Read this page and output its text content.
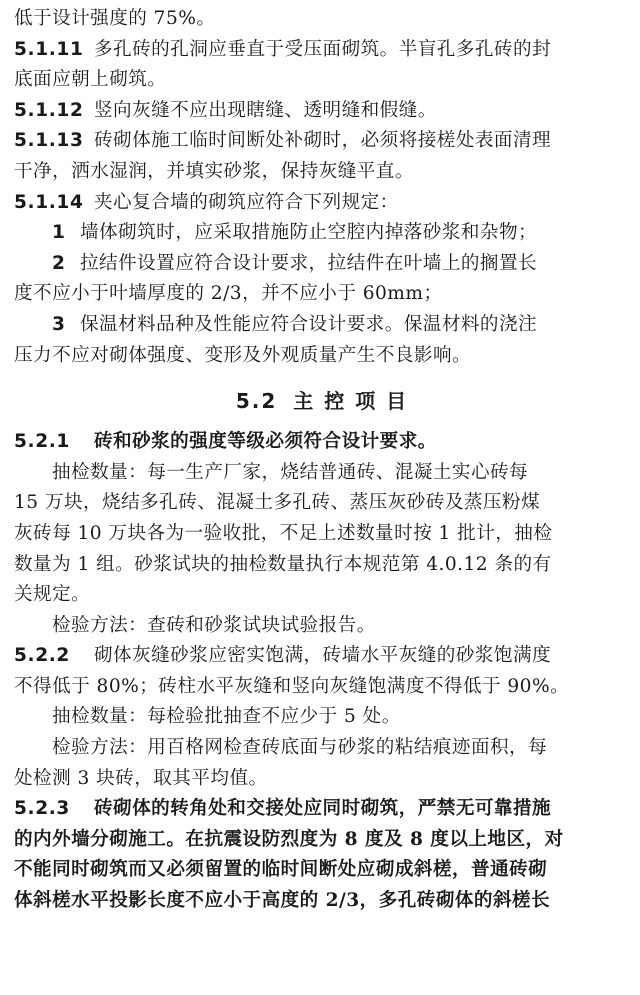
低于设计强度的 75%。
5.1.11 多孔砖的孔洞应垂直于受压面砌筑。半盲孔多孔砖的封
底面应朝上砌筑。
5.1.12 竖向灰缝不应出现瞎缝、透明缝和假缝。
5.1.13 砖砌体施工临时间断处补砌时，必须将接槎处表面清理
干净，洒水湿润，并填实砂浆，保持灰缝平直。
5.1.14 夹心复合墙的砌筑应符合下列规定：
1 墙体砌筑时，应采取措施防止空腔内掉落砂浆和杂物；
2 拉结件设置应符合设计要求，拉结件在叶墙上的搁置长
度不应小于叶墙厚度的 2/3，并不应小于 60mm；
3 保温材料品种及性能应符合设计要求。保温材料的浇注
压力不应对砌体强度、变形及外观质量产生不良影响。
5.2 主 控 项 目
5.2.1 砖和砂浆的强度等级必须符合设计要求。
抽检数量：每一生产厂家，烧结普通砖、混凝土实心砖每
15 万块，烧结多孔砖、混凝土多孔砖、蒸压灰砂砖及蒸压粉煤
灰砖每 10 万块各为一验收批，不足上述数量时按 1 批计，抽检
数量为 1 组。砂浆试块的抽检数量执行本规范第 4.0.12 条的有
关规定。
检验方法：查砖和砂浆试块试验报告。
5.2.2 砌体灰缝砂浆应密实饱满，砖墙水平灰缝的砂浆饱满度
不得低于 80%；砖柱水平灰缝和竖向灰缝饱满度不得低于 90%。
抽检数量：每检验批抽查不应少于 5 处。
检验方法：用百格网检查砖底面与砂浆的粘结痕迹面积，每
处检测 3 块砖，取其平均值。
5.2.3 砖砌体的转角处和交接处应同时砌筑，严禁无可靠措施
的内外墙分砌施工。在抗震设防烈度为 8 度及 8 度以上地区，对
不能同时砌筑而又必须留置的临时间断处应砌成斜槎，普通砖砌
体斜槎水平投影长度不应小于高度的 2/3，多孔砖砌体的斜槎长
